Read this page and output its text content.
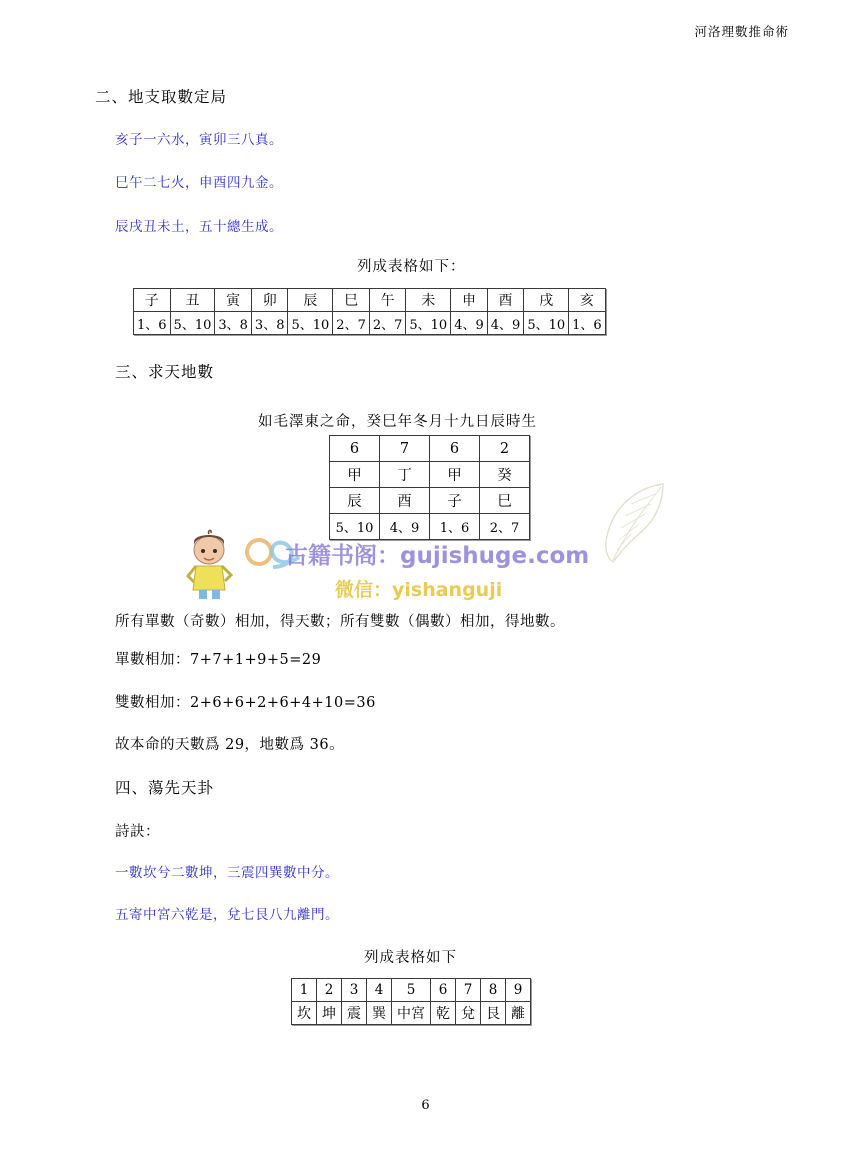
河洛理數推命術
二、地支取數定局
亥子一六水，寅卯三八真。
巳午二七火，申酉四九金。
辰戌丑未土，五十總生成。
列成表格如下：
子	丑	寅	卯	辰	巳	午	未	申	酉	戌	亥
1、6	5、10	3、8	3、8	5、10	2、7	2、7	5、10	4、9	4、9	5、10	1、6
三、求天地數
如毛澤東之命，癸巳年冬月十九日辰時生
6	7	6	2
甲	丁	甲	癸
辰	酉	子	巳
5、10	4、9	1、6	2、7
所有單數（奇數）相加，得天數；所有雙數（偶數）相加，得地數。
單數相加：7+7+1+9+5=29
雙數相加：2+6+6+2+6+4+10=36
故本命的天數爲 29，地數爲 36。
四、蕩先天卦
詩訣：
一數坎兮二數坤，三震四巽數中分。
五寄中宮六乾是，兌七艮八九離門。
列成表格如下
1	2	3	4	5	6	7	8	9
坎	坤	震	巽	中宮	乾	兌	艮	離
古籍书阁：gujishuge.com
微信：yishanguji
6
